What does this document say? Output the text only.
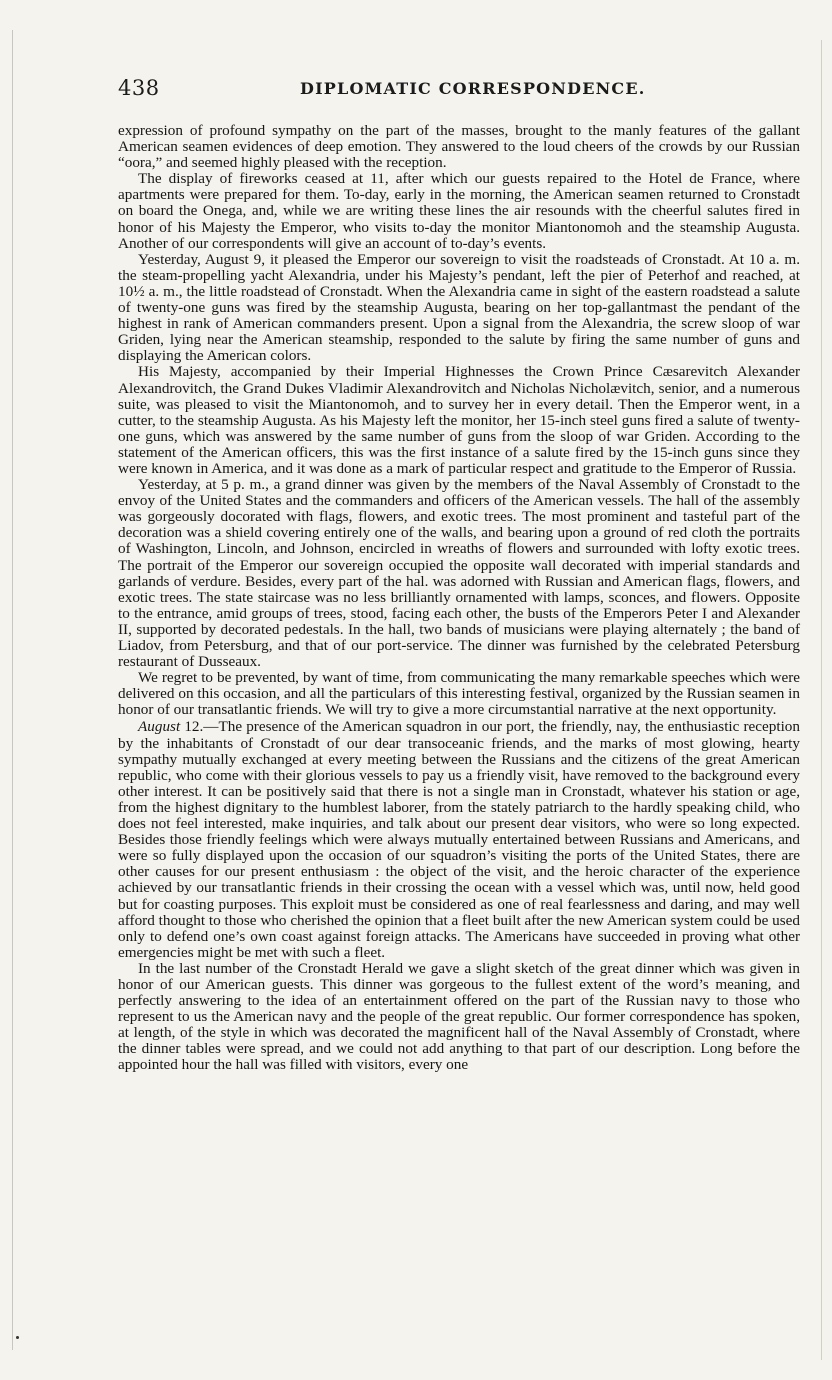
438	DIPLOMATIC CORRESPONDENCE.

expression of profound sympathy on the part of the masses, brought to the manly features of the gallant American seamen evidences of deep emotion. They answered to the loud cheers of the crowds by our Russian “oora,” and seemed highly pleased with the reception.

The display of fireworks ceased at 11, after which our guests repaired to the Hotel de France, where apartments were prepared for them. To-day, early in the morning, the American seamen returned to Cronstadt on board the Onega, and, while we are writing these lines the air resounds with the cheerful salutes fired in honor of his Majesty the Emperor, who visits to-day the monitor Miantonomoh and the steamship Augusta. Another of our correspondents will give an account of to-day’s events.

Yesterday, August 9, it pleased the Emperor our sovereign to visit the roadsteads of Cronstadt. At 10 a. m. the steam-propelling yacht Alexandria, under his Majesty’s pendant, left the pier of Peterhof and reached, at 10½ a. m., the little roadstead of Cronstadt. When the Alexandria came in sight of the eastern roadstead a salute of twenty-one guns was fired by the steamship Augusta, bearing on her top-gallantmast the pendant of the highest in rank of American commanders present. Upon a signal from the Alexandria, the screw sloop of war Griden, lying near the American steamship, responded to the salute by firing the same number of guns and displaying the American colors.

His Majesty, accompanied by their Imperial Highnesses the Crown Prince Cæsarevitch Alexander Alexandrovitch, the Grand Dukes Vladimir Alexandrovitch and Nicholas Nicholævitch, senior, and a numerous suite, was pleased to visit the Miantonomoh, and to survey her in every detail. Then the Emperor went, in a cutter, to the steamship Augusta. As his Majesty left the monitor, her 15-inch steel guns fired a salute of twenty-one guns, which was answered by the same number of guns from the sloop of war Griden. According to the statement of the American officers, this was the first instance of a salute fired by the 15-inch guns since they were known in America, and it was done as a mark of particular respect and gratitude to the Emperor of Russia.

Yesterday, at 5 p. m., a grand dinner was given by the members of the Naval Assembly of Cronstadt to the envoy of the Unitеd States and the commanders and officers of the American vessels. The hall of the assembly was gorgeously docorated with flags, flowers, and exotic trees. The most prominent and tasteful part of the decoration was a shield covering entirely one of the walls, and bearing upon a ground of red cloth the portraits of Washington, Lincoln, and Johnson, encircled in wreaths of flowers and surrounded with lofty exotic trees. The portrait of the Emperor our sovereign occupied the opposite wall decorated with imperial standards and garlands of verdure. Besides, every part of the hal. was adorned with Russian and American flags, flowers, and exotic trees. The state staircase was no less brilliantly ornamented with lamps, sconces, and flowers. Opposite to the entrance, amid groups of trees, stood, facing each other, the busts of the Emperors Peter I and Alexander II, supported by decorated pedestals. In the hall, two bands of musicians were playing alternately ; the band of Liadov, from Petersburg, and that of our port-service. The dinner was furnished by the celebrated Petersburg restaurant of Dusseaux.

We regret to be prevented, by want of time, from communicating the many remarkable speeches which were delivered on this occasion, and all the particulars of this interesting festival, organized by the Russian seamen in honor of our transatlantic friends. We will try to give a more circumstantial narrative at the next opportunity.

August 12.—The presence of the American squadron in our port, the friendly, nay, the enthusiastic reception by the inhabitants of Cronstadt of our dear transoceanic friends, and the marks of most glowing, hearty sympathy mutually exchanged at every meeting between the Russians and the citizens of the great American republic, who come with their glorious vessels to pay us a friendly visit, have removed to the background every other interest. It can be positively said that there is not a single man in Cronstadt, whatever his station or age, from the highest dignitary to the humblest laborer, from the stately patriarch to the hardly speaking child, who does not feel interested, make inquiries, and talk about our present dear visitors, who were so long expected. Besides those friendly feelings which were always mutually entertained between Russians and Americans, and were so fully displayed upon the occasion of our squadron’s visiting the ports of the United States, there are other causes for our present enthusiasm : the object of the visit, and the heroic character of the experience achieved by our transatlantic friends in their crossing the ocean with a vessel which was, until now, held good but for coasting purposes. This exploit must be considered as one of real fearlessness and daring, and may well afford thought to those who cherished the opinion that a fleet built after the new American system could be used only to defend one’s own coast against foreign attacks. The Americans have succeeded in proving what other emergencies might be met with such a fleet.

In the last number of the Cronstadt Herald we gave a slight sketch of the great dinner which was given in honor of our American guests. This dinner was gorgeous to the fullest extent of the word’s meaning, and perfectly answering to the idea of an entertainment offered on the part of the Russian navy to those who represent to us the American navy and the people of the great republic. Our former correspondence has spoken, at length, of the style in which was decorated the magnificent hall of the Naval Assembly of Cronstadt, where the dinner tables were spread, and we could not add anything to that part of our description. Long before the appointed hour the hall was filled with visitors, every one
